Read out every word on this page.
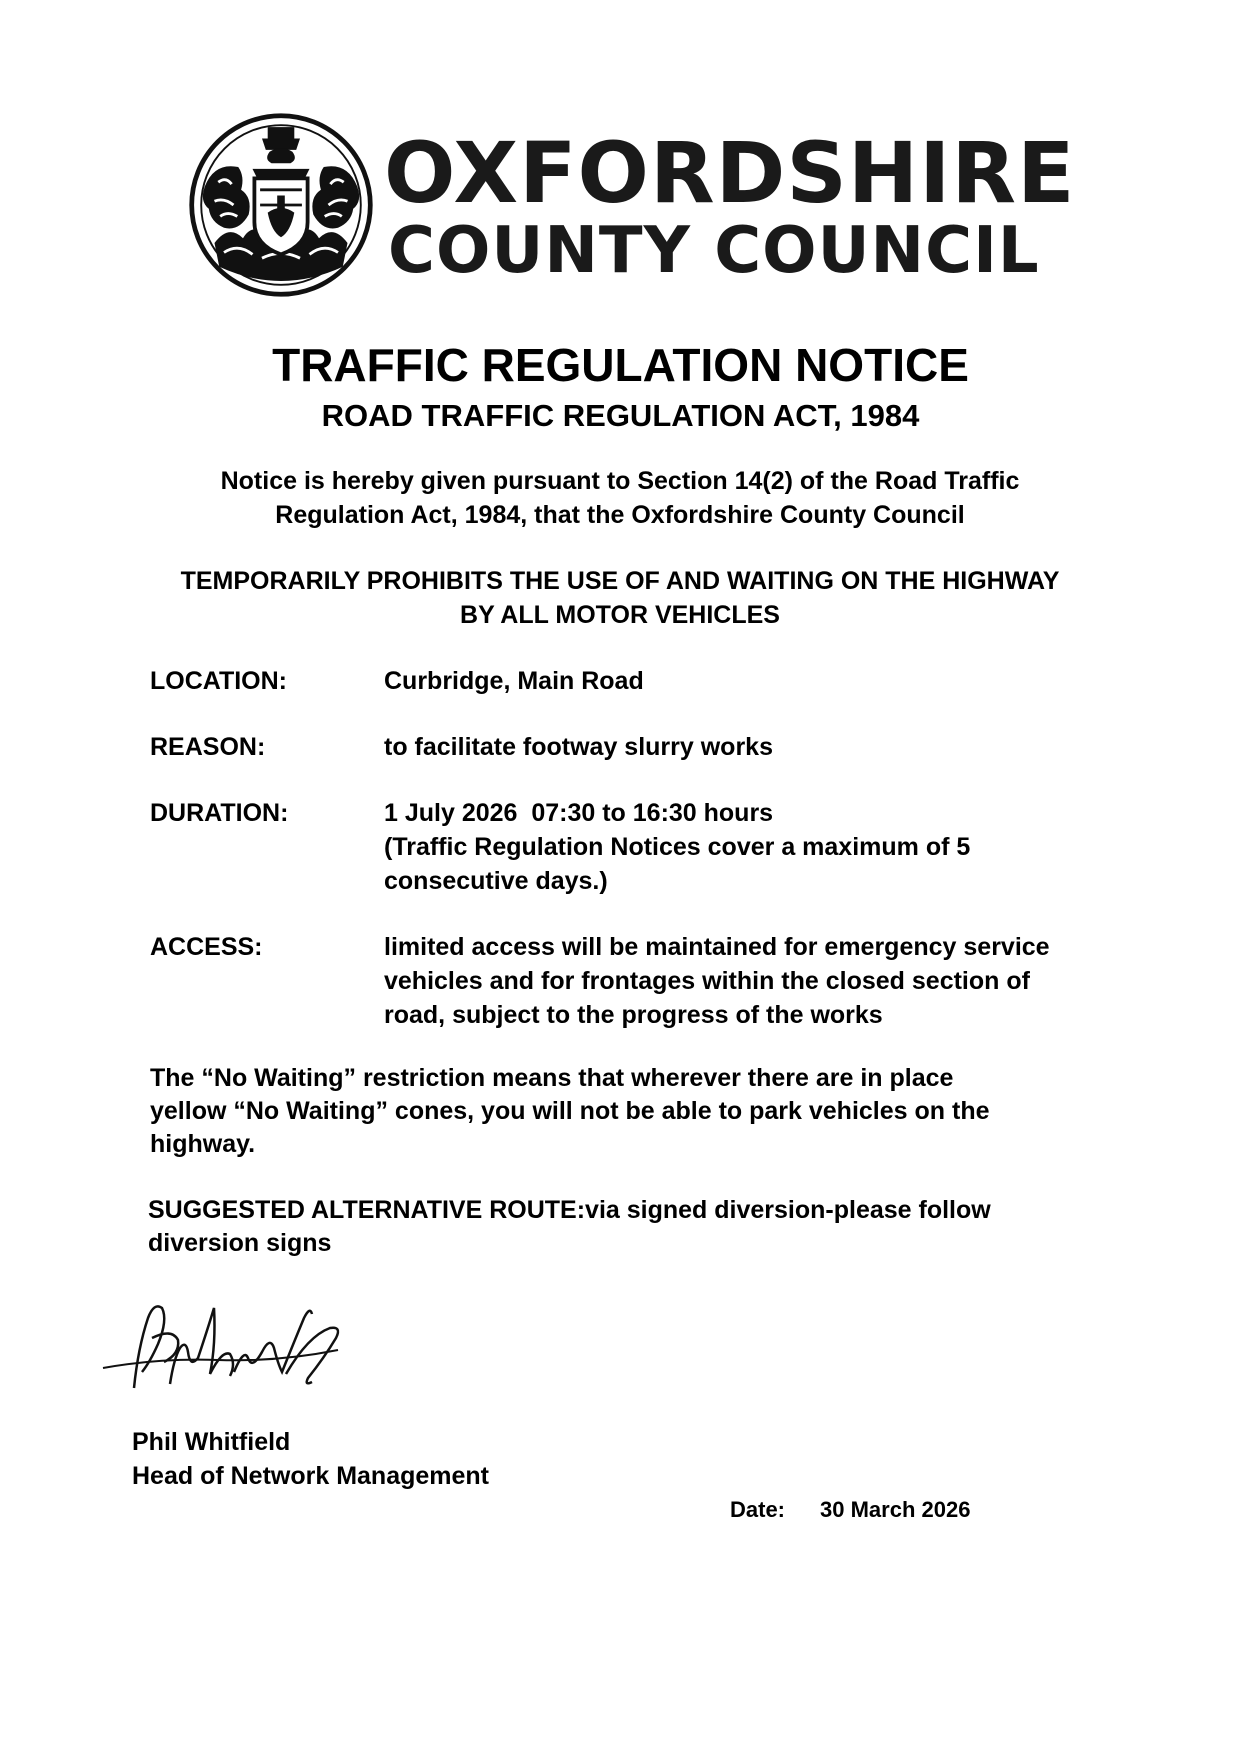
OXFORDSHIRE
COUNTY COUNCIL
TRAFFIC REGULATION NOTICE
ROAD TRAFFIC REGULATION ACT, 1984
Notice is hereby given pursuant to Section 14(2) of the Road Traffic
Regulation Act, 1984, that the Oxfordshire County Council
TEMPORARILY PROHIBITS THE USE OF AND WAITING ON THE HIGHWAY
BY ALL MOTOR VEHICLES
LOCATION:	Curbridge, Main Road
REASON:	to facilitate footway slurry works
DURATION:	1 July 2026  07:30 to 16:30 hours
(Traffic Regulation Notices cover a maximum of 5
consecutive days.)
ACCESS:	limited access will be maintained for emergency service
vehicles and for frontages within the closed section of
road, subject to the progress of the works
The “No Waiting” restriction means that wherever there are in place
yellow “No Waiting” cones, you will not be able to park vehicles on the
highway.
SUGGESTED ALTERNATIVE ROUTE:via signed diversion-please follow
diversion signs
Phil Whitfield
Head of Network Management
Date: 30 March 2026
